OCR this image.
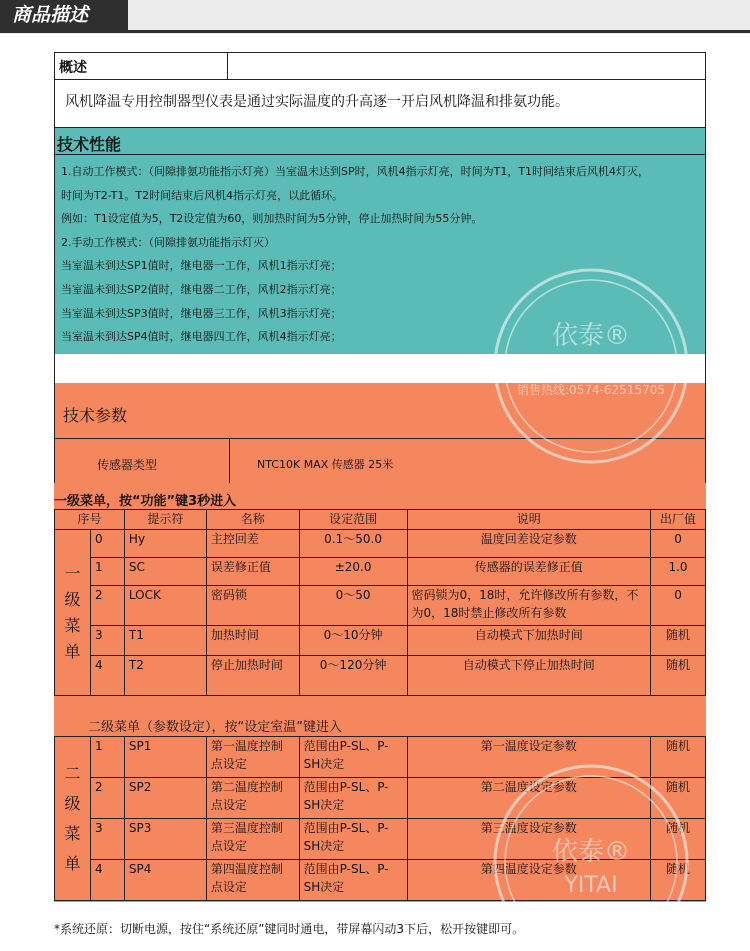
商品描述
概述
风机降温专用控制器型仪表是通过实际温度的升高逐一开启风机降温和排氨功能。
技术性能
1.自动工作模式：（间隙排氨功能指示灯亮）当室温未达到SP时，风机4指示灯亮，时间为T1，T1时间结束后风机4灯灭，
时间为T2-T1。T2时间结束后风机4指示灯亮，以此循环。
例如：T1设定值为5，T2设定值为60，则加热时间为5分钟，停止加热时间为55分钟。
2.手动工作模式：（间隙排氨功能指示灯灭）
当室温未到达SP1值时，继电器一工作，风机1指示灯亮；
当室温未到达SP2值时，继电器二工作，风机2指示灯亮；
当室温未到达SP3值时，继电器三工作，风机3指示灯亮；
当室温未到达SP4值时，继电器四工作，风机4指示灯亮；
技术参数
传感器类型	NTC10K MAX 传感器 25米
一级菜单，按“功能”键3秒进入
序号		提示符	名称	设定范围	说明	出厂值
一级菜单	0	Hy	主控回差	0.1～50.0	温度回差设定参数	0
	1	SC	误差修正值	±20.0	传感器的误差修正值	1.0
	2	LOCK	密码锁	0～50	密码锁为0，18时，允许修改所有参数，不为0，18时禁止修改所有参数	0
	3	T1	加热时间	0～10分钟	自动模式下加热时间	随机
	4	T2	停止加热时间	0～120分钟	自动模式下停止加热时间	随机
二级菜单（参数设定），按“设定室温”键进入
二级菜单	1	SP1	第一温度控制点设定	范围由P-SL、P-SH决定	第一温度设定参数	随机
	2	SP2	第二温度控制点设定	范围由P-SL、P-SH决定	第二温度设定参数	随机
	3	SP3	第三温度控制点设定	范围由P-SL、P-SH决定	第三温度设定参数	随机
	4	SP4	第四温度控制点设定	范围由P-SL、P-SH决定	第四温度设定参数	随机
依泰®
销售热线:0574-62515705
依泰®
YITAI
*系统还原：切断电源，按住“系统还原”键同时通电，带屏幕闪动3下后，松开按键即可。
